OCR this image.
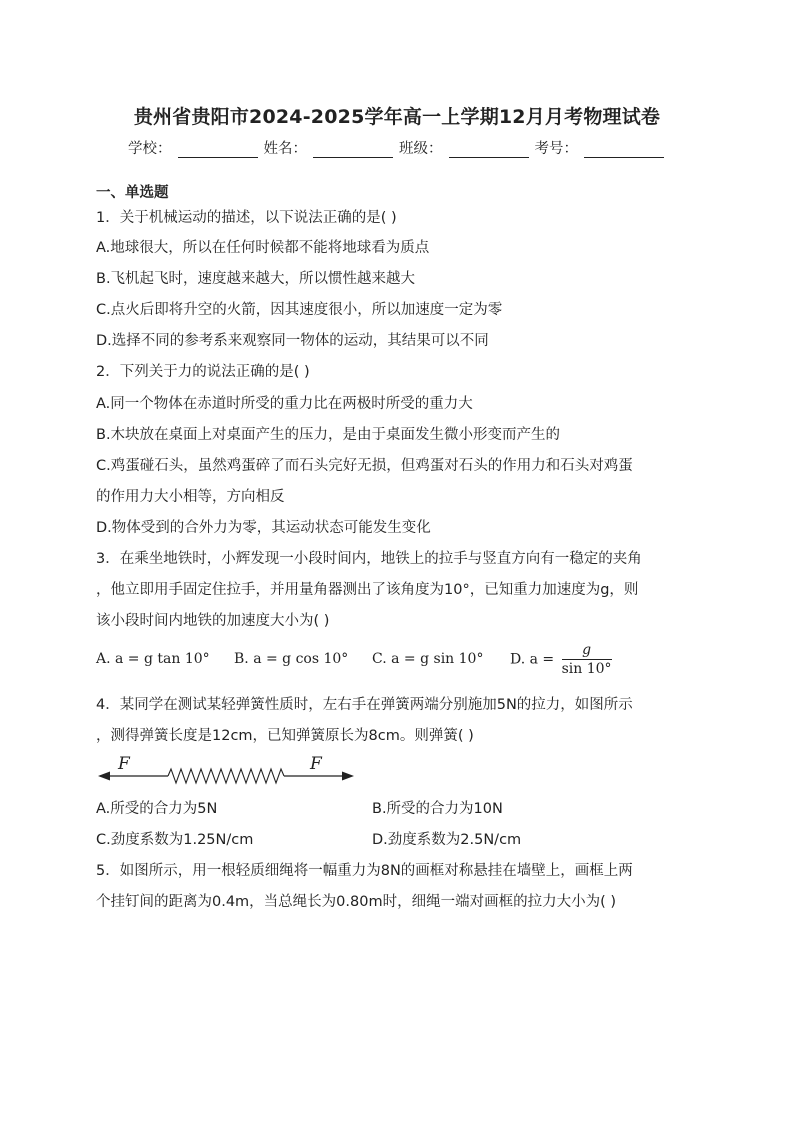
贵州省贵阳市2024-2025学年高一上学期12月月考物理试卷
学校：	姓名：	班级：	考号：
一、单选题
1．关于机械运动的描述，以下说法正确的是( )
A.地球很大，所以在任何时候都不能将地球看为质点
B.飞机起飞时，速度越来越大，所以惯性越来越大
C.点火后即将升空的火箭，因其速度很小，所以加速度一定为零
D.选择不同的参考系来观察同一物体的运动，其结果可以不同
2．下列关于力的说法正确的是( )
A.同一个物体在赤道时所受的重力比在两极时所受的重力大
B.木块放在桌面上对桌面产生的压力，是由于桌面发生微小形变而产生的
C.鸡蛋碰石头，虽然鸡蛋碎了而石头完好无损，但鸡蛋对石头的作用力和石头对鸡蛋
的作用力大小相等，方向相反
D.物体受到的合外力为零，其运动状态可能发生变化
3．在乘坐地铁时，小辉发现一小段时间内，地铁上的拉手与竖直方向有一稳定的夹角
，他立即用手固定住拉手，并用量角器测出了该角度为10°，已知重力加速度为g，则
该小段时间内地铁的加速度大小为( )
A. a = g tan 10° B. a = g cos 10° C. a = g sin 10° D. $a = \frac{g}{\sin 10^\circ}$
4．某同学在测试某轻弹簧性质时，左右手在弹簧两端分别施加5N的拉力，如图所示
，测得弹簧长度是12cm，已知弹簧原长为8cm。则弹簧( )
F	F
A.所受的合力为5N	B.所受的合力为10N
C.劲度系数为1.25N/cm	D.劲度系数为2.5N/cm
5．如图所示，用一根轻质细绳将一幅重力为8N的画框对称悬挂在墙壁上，画框上两
个挂钉间的距离为0.4m，当总绳长为0.80m时，细绳一端对画框的拉力大小为( )
